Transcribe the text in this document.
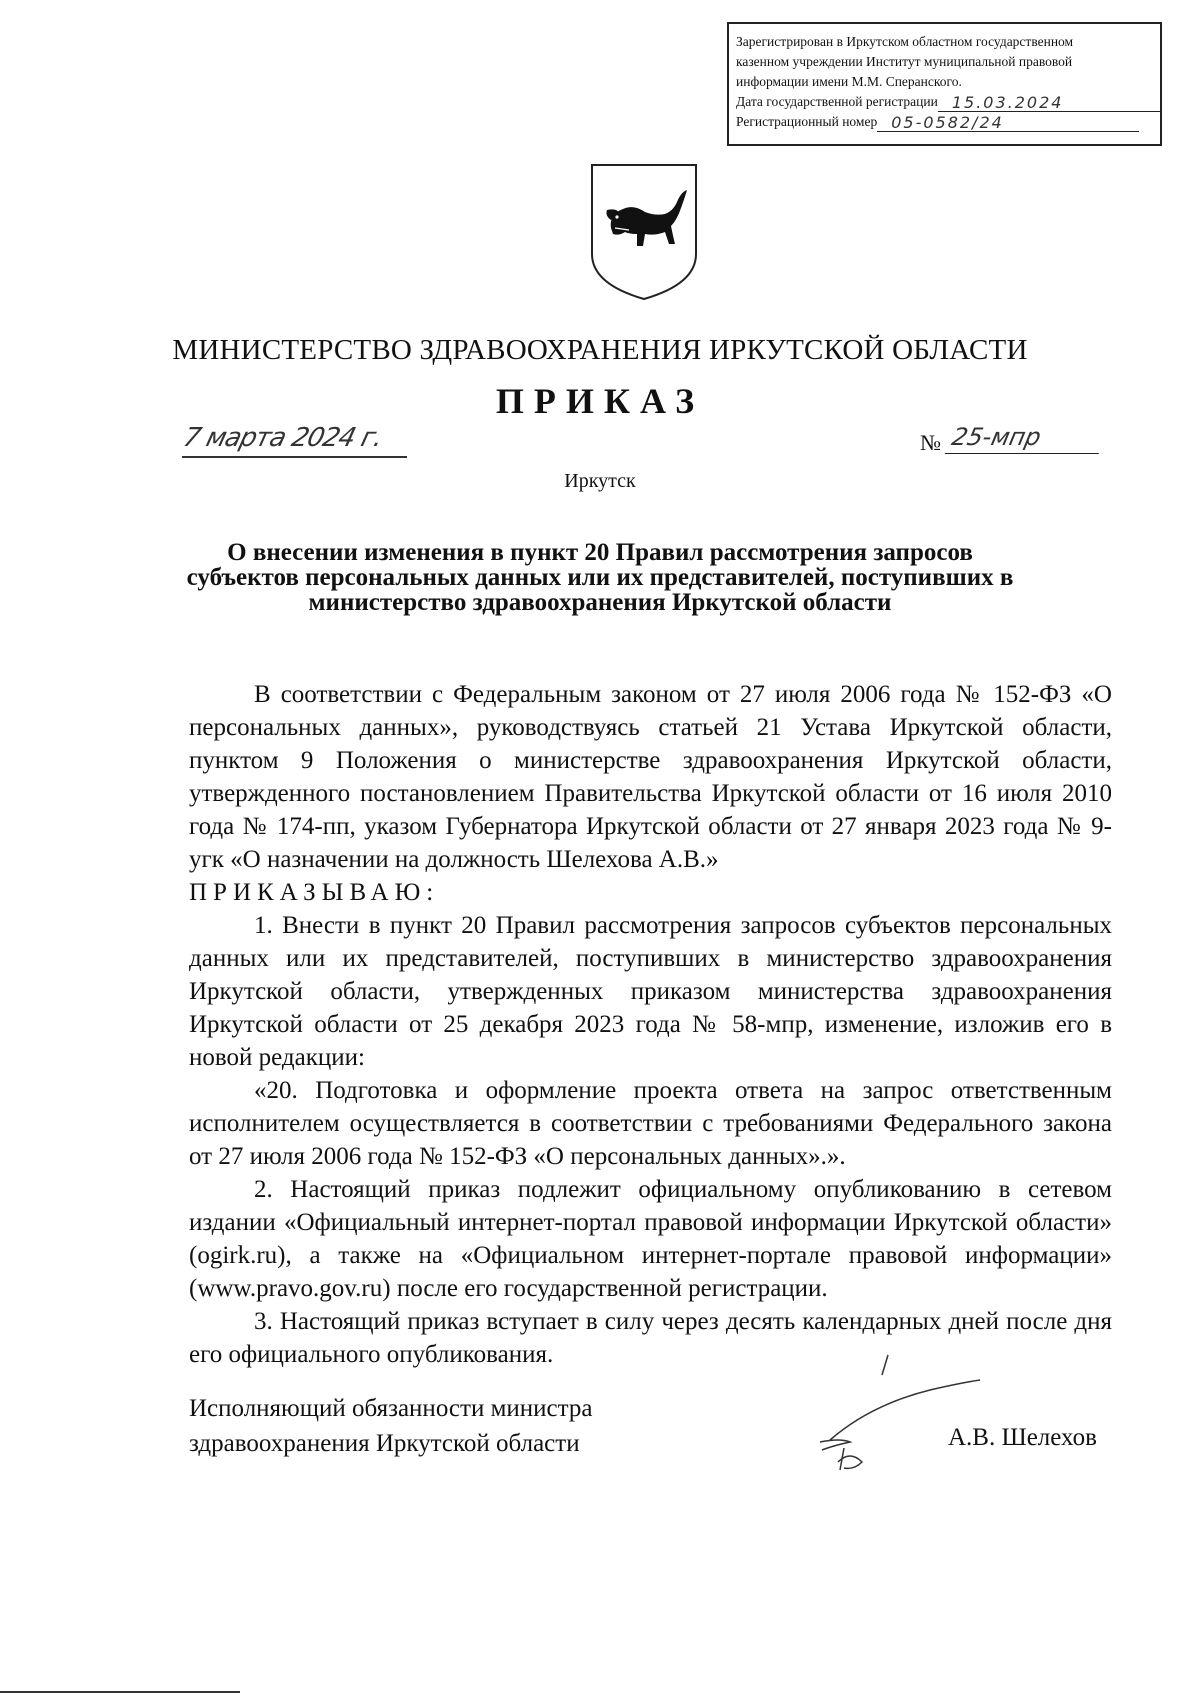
Зарегистрирован в Иркутском областном государственном
казенном учреждении Институт муниципальной правовой
информации имени М.М. Сперанского.
Дата государственной регистрации 15.03.2024
Регистрационный номер 05-0582/24
МИНИСТЕРСТВО ЗДРАВООХРАНЕНИЯ ИРКУТСКОЙ ОБЛАСТИ
ПРИКАЗ
7 марта 2024 г.	№ 25-мпр
Иркутск
О внесении изменения в пункт 20 Правил рассмотрения запросов
субъектов персональных данных или их представителей, поступивших в
министерство здравоохранения Иркутской области

В соответствии с Федеральным законом от 27 июля 2006 года № 152-ФЗ «О персональных данных», руководствуясь статьей 21 Устава Иркутской области, пунктом 9 Положения о министерстве здравоохранения Иркутской области, утвержденного постановлением Правительства Иркутской области от 16 июля 2010 года № 174-пп, указом Губернатора Иркутской области от 27 января 2023 года № 9-угк «О назначении на должность Шелехова А.В.»

ПРИКАЗЫВАЮ:

1. Внести в пункт 20 Правил рассмотрения запросов субъектов персональных данных или их представителей, поступивших в министерство здравоохранения Иркутской области, утвержденных приказом министерства здравоохранения Иркутской области от 25 декабря 2023 года № 58-мпр, изменение, изложив его в новой редакции:

«20. Подготовка и оформление проекта ответа на запрос ответственным исполнителем осуществляется в соответствии с требованиями Федерального закона от 27 июля 2006 года № 152-ФЗ «О персональных данных».».

2. Настоящий приказ подлежит официальному опубликованию в сетевом издании «Официальный интернет-портал правовой информации Иркутской области» (ogirk.ru), а также на «Официальном интернет-портале правовой информации» (www.pravo.gov.ru) после его государственной регистрации.

3. Настоящий приказ вступает в силу через десять календарных дней после дня его официального опубликования.

Исполняющий обязанности министра
здравоохранения Иркутской области	А.В. Шелехов
